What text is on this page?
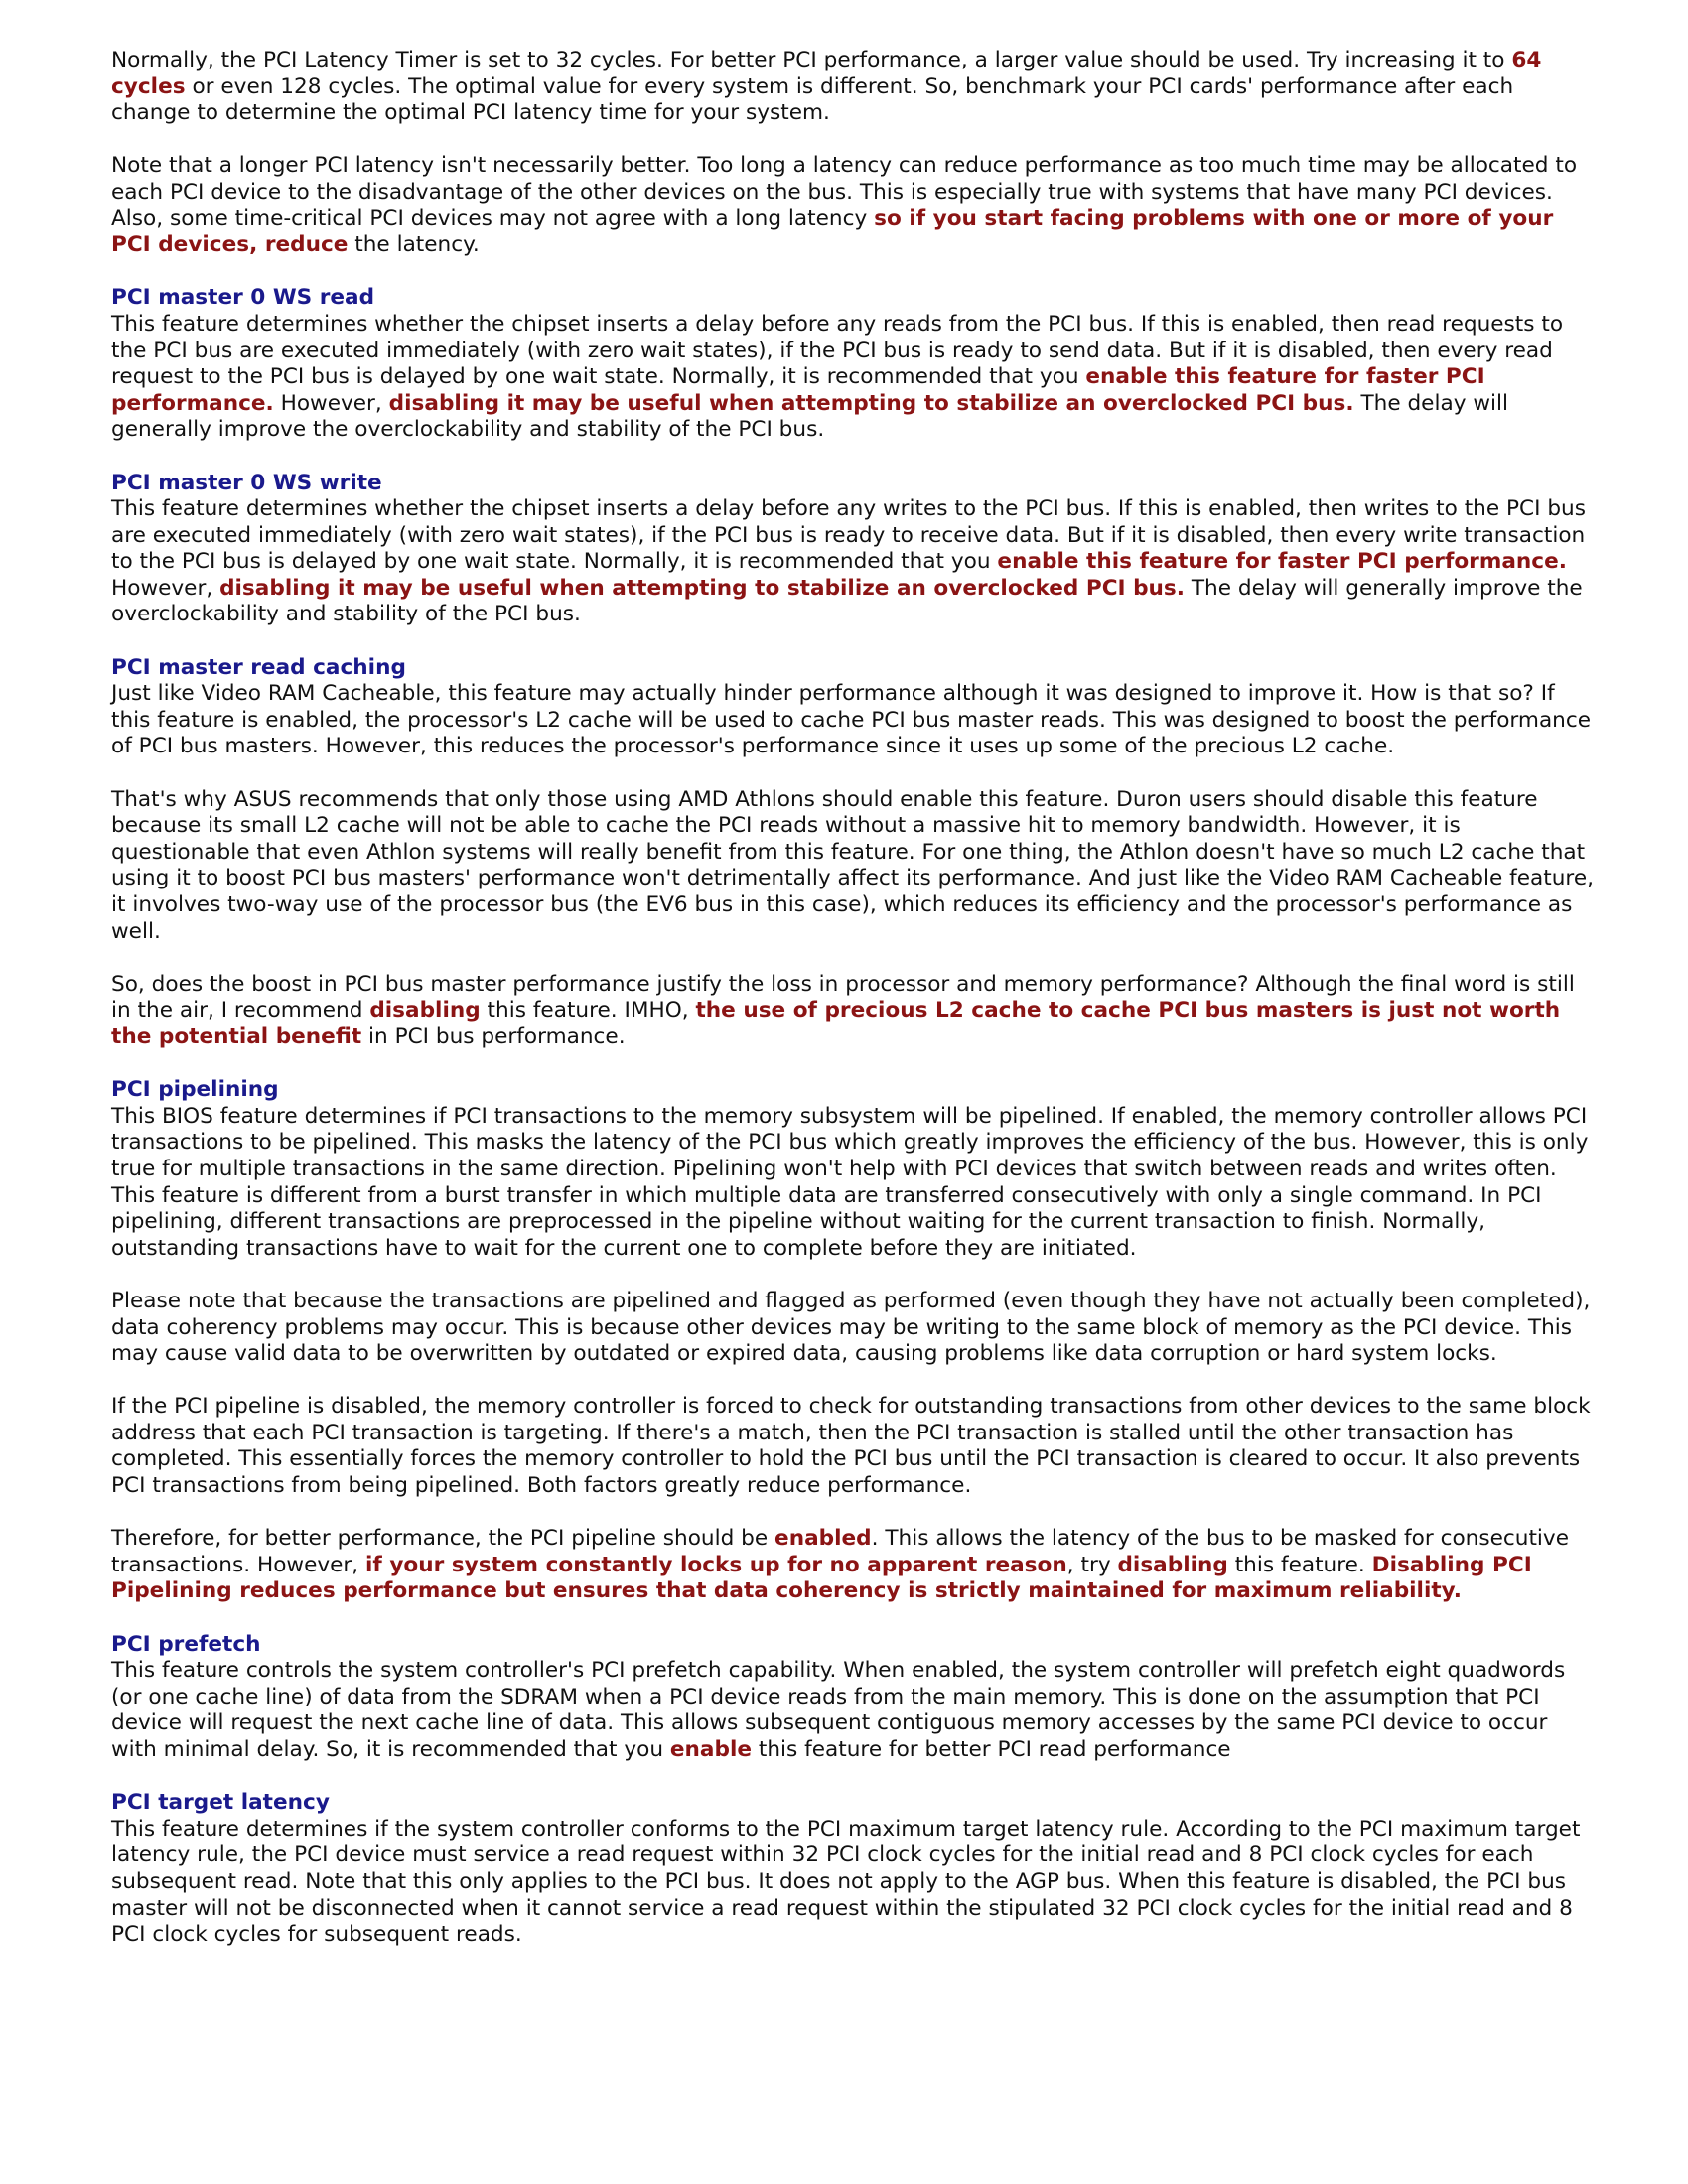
Normally, the PCI Latency Timer is set to 32 cycles. For better PCI performance, a larger value should be used. Try increasing it to 64 cycles or even 128 cycles. The optimal value for every system is different. So, benchmark your PCI cards' performance after each change to determine the optimal PCI latency time for your system.
Note that a longer PCI latency isn't necessarily better. Too long a latency can reduce performance as too much time may be allocated to each PCI device to the disadvantage of the other devices on the bus. This is especially true with systems that have many PCI devices. Also, some time-critical PCI devices may not agree with a long latency so if you start facing problems with one or more of your PCI devices, reduce the latency.
PCI master 0 WS read
This feature determines whether the chipset inserts a delay before any reads from the PCI bus. If this is enabled, then read requests to the PCI bus are executed immediately (with zero wait states), if the PCI bus is ready to send data. But if it is disabled, then every read request to the PCI bus is delayed by one wait state. Normally, it is recommended that you enable this feature for faster PCI performance. However, disabling it may be useful when attempting to stabilize an overclocked PCI bus. The delay will generally improve the overclockability and stability of the PCI bus.
PCI master 0 WS write
This feature determines whether the chipset inserts a delay before any writes to the PCI bus. If this is enabled, then writes to the PCI bus are executed immediately (with zero wait states), if the PCI bus is ready to receive data. But if it is disabled, then every write transaction to the PCI bus is delayed by one wait state. Normally, it is recommended that you enable this feature for faster PCI performance. However, disabling it may be useful when attempting to stabilize an overclocked PCI bus. The delay will generally improve the overclockability and stability of the PCI bus.
PCI master read caching
Just like Video RAM Cacheable, this feature may actually hinder performance although it was designed to improve it. How is that so? If this feature is enabled, the processor's L2 cache will be used to cache PCI bus master reads. This was designed to boost the performance of PCI bus masters. However, this reduces the processor's performance since it uses up some of the precious L2 cache.
That's why ASUS recommends that only those using AMD Athlons should enable this feature. Duron users should disable this feature because its small L2 cache will not be able to cache the PCI reads without a massive hit to memory bandwidth. However, it is questionable that even Athlon systems will really benefit from this feature. For one thing, the Athlon doesn't have so much L2 cache that using it to boost PCI bus masters' performance won't detrimentally affect its performance. And just like the Video RAM Cacheable feature, it involves two-way use of the processor bus (the EV6 bus in this case), which reduces its efficiency and the processor's performance as well.
So, does the boost in PCI bus master performance justify the loss in processor and memory performance? Although the final word is still in the air, I recommend disabling this feature. IMHO, the use of precious L2 cache to cache PCI bus masters is just not worth the potential benefit in PCI bus performance.
PCI pipelining
This BIOS feature determines if PCI transactions to the memory subsystem will be pipelined. If enabled, the memory controller allows PCI transactions to be pipelined. This masks the latency of the PCI bus which greatly improves the efficiency of the bus. However, this is only true for multiple transactions in the same direction. Pipelining won't help with PCI devices that switch between reads and writes often. This feature is different from a burst transfer in which multiple data are transferred consecutively with only a single command. In PCI pipelining, different transactions are preprocessed in the pipeline without waiting for the current transaction to finish. Normally, outstanding transactions have to wait for the current one to complete before they are initiated.
Please note that because the transactions are pipelined and flagged as performed (even though they have not actually been completed), data coherency problems may occur. This is because other devices may be writing to the same block of memory as the PCI device. This may cause valid data to be overwritten by outdated or expired data, causing problems like data corruption or hard system locks.
If the PCI pipeline is disabled, the memory controller is forced to check for outstanding transactions from other devices to the same block address that each PCI transaction is targeting. If there's a match, then the PCI transaction is stalled until the other transaction has completed. This essentially forces the memory controller to hold the PCI bus until the PCI transaction is cleared to occur. It also prevents PCI transactions from being pipelined. Both factors greatly reduce performance.
Therefore, for better performance, the PCI pipeline should be enabled. This allows the latency of the bus to be masked for consecutive transactions. However, if your system constantly locks up for no apparent reason, try disabling this feature. Disabling PCI Pipelining reduces performance but ensures that data coherency is strictly maintained for maximum reliability.
PCI prefetch
This feature controls the system controller's PCI prefetch capability. When enabled, the system controller will prefetch eight quadwords (or one cache line) of data from the SDRAM when a PCI device reads from the main memory. This is done on the assumption that PCI device will request the next cache line of data. This allows subsequent contiguous memory accesses by the same PCI device to occur with minimal delay. So, it is recommended that you enable this feature for better PCI read performance
PCI target latency
This feature determines if the system controller conforms to the PCI maximum target latency rule. According to the PCI maximum target latency rule, the PCI device must service a read request within 32 PCI clock cycles for the initial read and 8 PCI clock cycles for each subsequent read. Note that this only applies to the PCI bus. It does not apply to the AGP bus. When this feature is disabled, the PCI bus master will not be disconnected when it cannot service a read request within the stipulated 32 PCI clock cycles for the initial read and 8 PCI clock cycles for subsequent reads.
